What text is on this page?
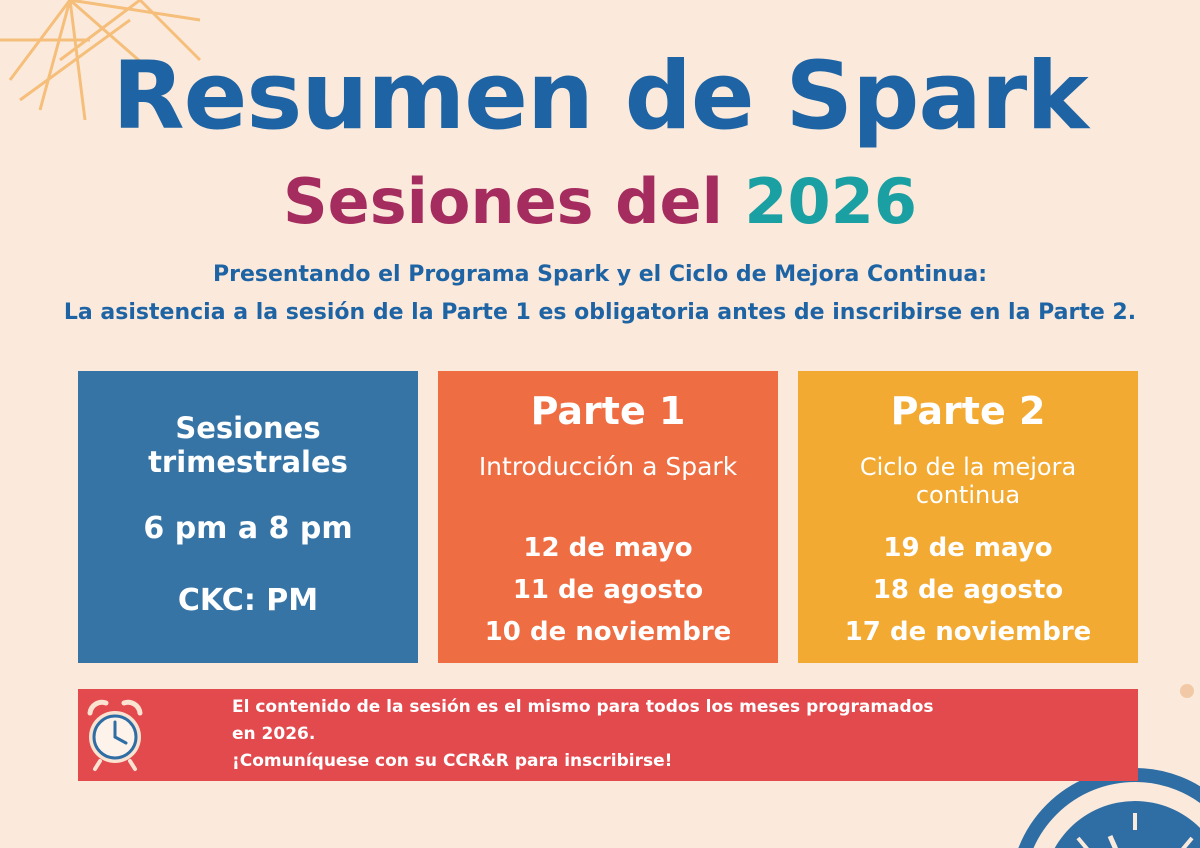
Resumen de Spark
Sesiones del 2026

Presentando el Programa Spark y el Ciclo de Mejora Continua:

La asistencia a la sesión de la Parte 1 es obligatoria antes de inscribirse en la Parte 2.

Sesiones trimestrales
6 pm a 8 pm
CKC: PM
Parte 1
Introducción a Spark
12 de mayo
11 de agosto
10 de noviembre
Parte 2
Ciclo de la mejora continua
19 de mayo
18 de agosto
17 de noviembre

El contenido de la sesión es el mismo para todos los meses programados en 2026.

¡Comuníquese con su CCR&R para inscribirse!
